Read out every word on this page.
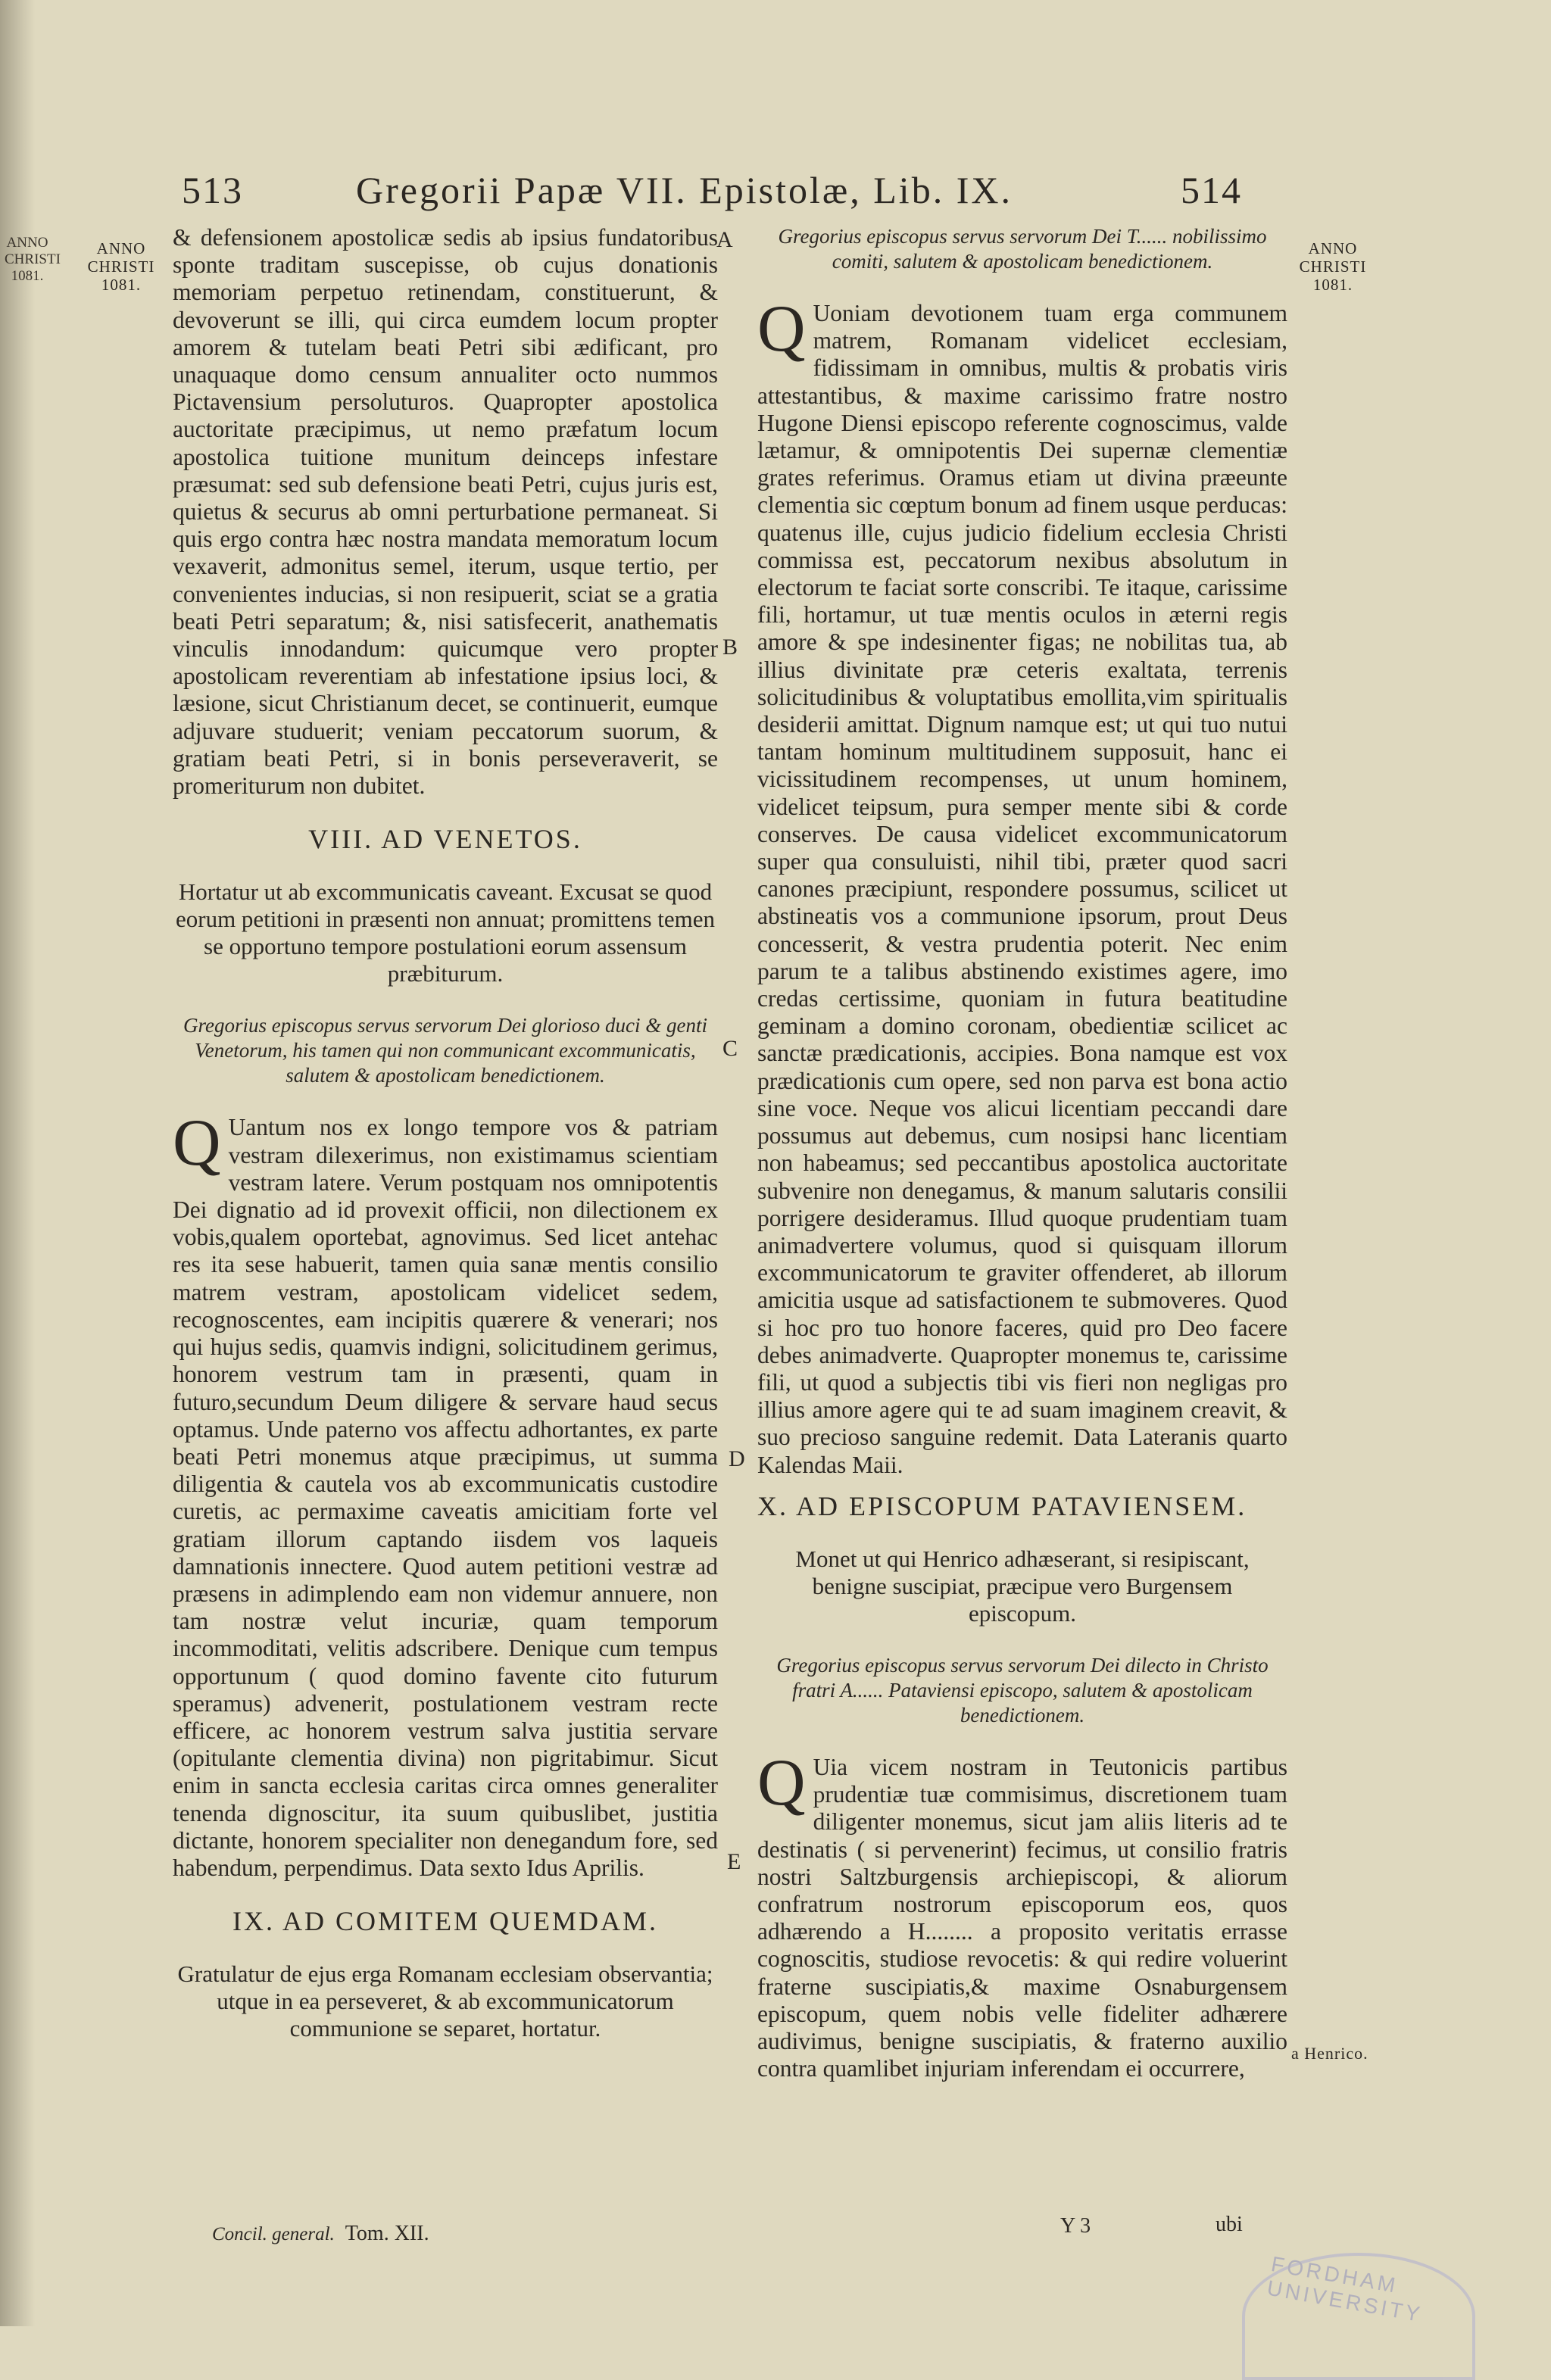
ANNO CHRISTI 1081.
513	Gregorii Papæ VII. Epistolæ, Lib. IX.	514
ANNO
CHRISTI
1081.
ANNO
CHRISTI
1081.
A
B
C
D
E
a Henrico.

& defensionem apostolicæ sedis ab ipsius fundatoribus sponte traditam suscepisse, ob cujus donationis memoriam perpetuo retinendam, constituerunt, & devoverunt se illi, qui circa eumdem locum propter amorem & tutelam beati Petri sibi ædificant, pro unaquaque domo censum annualiter octo nummos Pictavensium persoluturos. Quapropter apostolica auctoritate præcipimus, ut nemo præfatum locum apostolica tuitione munitum deinceps infestare præsumat: sed sub defensione beati Petri, cujus juris est, quietus & securus ab omni perturbatione permaneat. Si quis ergo contra hæc nostra mandata memoratum locum vexaverit, admonitus semel, iterum, usque tertio, per convenientes inducias, si non resipuerit, sciat se a gratia beati Petri separatum; &, nisi satisfecerit, anathematis vinculis innodandum: quicumque vero propter apostolicam reverentiam ab infestatione ipsius loci, & læsione, sicut Christianum decet, se continuerit, eumque adjuvare studuerit; veniam peccatorum suorum, & gratiam beati Petri, si in bonis perseveraverit, se promeriturum non dubitet.

VIII. AD VENETOS.

Hortatur ut ab excommunicatis caveant. Excusat se quod eorum petitioni in præsenti non annuat; promittens temen se opportuno tempore postulationi eorum assensum præbiturum.

Gregorius episcopus servus servorum Dei glorioso duci & genti Venetorum, his tamen qui non communicant excommunicatis, salutem & apostolicam benedictionem.

Q Uantum nos ex longo tempore vos & patriam vestram dilexerimus, non existimamus scientiam vestram latere. Verum postquam nos omnipotentis Dei dignatio ad id provexit officii, non dilectionem ex vobis,qualem oportebat, agnovimus. Sed licet antehac res ita sese habuerit, tamen quia sanæ mentis consilio matrem vestram, apostolicam videlicet sedem, recognoscentes, eam incipitis quærere & venerari; nos qui hujus sedis, quamvis indigni, solicitudinem gerimus, honorem vestrum tam in præsenti, quam in futuro,secundum Deum diligere & servare haud secus optamus. Unde paterno vos affectu adhortantes, ex parte beati Petri monemus atque præcipimus, ut summa diligentia & cautela vos ab excommunicatis custodire curetis, ac permaxime caveatis amicitiam forte vel gratiam illorum captando iisdem vos laqueis damnationis innectere. Quod autem petitioni vestræ ad præsens in adimplendo eam non videmur annuere, non tam nostræ velut incuriæ, quam temporum incommoditati, velitis adscribere. Denique cum tempus opportunum ( quod domino favente cito futurum speramus) advenerit, postulationem vestram recte efficere, ac honorem vestrum salva justitia servare (opitulante clementia divina) non pigritabimur. Sicut enim in sancta ecclesia caritas circa omnes generaliter tenenda dignoscitur, ita suum quibuslibet, justitia dictante, honorem specialiter non denegandum fore, sed habendum, perpendimus. Data sexto Idus Aprilis.

IX. AD COMITEM QUEMDAM.

Gratulatur de ejus erga Romanam ecclesiam observantia; utque in ea perseveret, & ab excommunicatorum communione se separet, hortatur.

Gregorius episcopus servus servorum Dei T...... nobilissimo comiti, salutem & apostolicam benedictionem.

Q Uoniam devotionem tuam erga communem matrem, Romanam videlicet ecclesiam, fidissimam in omnibus, multis & probatis viris attestantibus, & maxime carissimo fratre nostro Hugone Diensi episcopo referente cognoscimus, valde lætamur, & omnipotentis Dei supernæ clementiæ grates referimus. Oramus etiam ut divina præeunte clementia sic cœptum bonum ad finem usque perducas: quatenus ille, cujus judicio fidelium ecclesia Christi commissa est, peccatorum nexibus absolutum in electorum te faciat sorte conscribi. Te itaque, carissime fili, hortamur, ut tuæ mentis oculos in æterni regis amore & spe indesinenter figas; ne nobilitas tua, ab illius divinitate præ ceteris exaltata, terrenis solicitudinibus & voluptatibus emollita,vim spiritualis desiderii amittat. Dignum namque est; ut qui tuo nutui tantam hominum multitudinem supposuit, hanc ei vicissitudinem recompenses, ut unum hominem, videlicet teipsum, pura semper mente sibi & corde conserves. De causa videlicet excommunicatorum super qua consuluisti, nihil tibi, præter quod sacri canones præcipiunt, respondere possumus, scilicet ut abstineatis vos a communione ipsorum, prout Deus concesserit, & vestra prudentia poterit. Nec enim parum te a talibus abstinendo existimes agere, imo credas certissime, quoniam in futura beatitudine geminam a domino coronam, obedientiæ scilicet ac sanctæ prædicationis, accipies. Bona namque est vox prædicationis cum opere, sed non parva est bona actio sine voce. Neque vos alicui licentiam peccandi dare possumus aut debemus, cum nosipsi hanc licentiam non habeamus; sed peccantibus apostolica auctoritate subvenire non denegamus, & manum salutaris consilii porrigere desideramus. Illud quoque prudentiam tuam animadvertere volumus, quod si quisquam illorum excommunicatorum te graviter offenderet, ab illorum amicitia usque ad satisfactionem te submoveres. Quod si hoc pro tuo honore faceres, quid pro Deo facere debes animadverte. Quapropter monemus te, carissime fili, ut quod a subjectis tibi vis fieri non negligas pro illius amore agere qui te ad suam imaginem creavit, & suo precioso sanguine redemit. Data Lateranis quarto Kalendas Maii.

X. AD EPISCOPUM PATAVIENSEM.

Monet ut qui Henrico adhæserant, si resipiscant, benigne suscipiat, præcipue vero Burgensem episcopum.

Gregorius episcopus servus servorum Dei dilecto in Christo fratri A...... Pataviensi episcopo, salutem & apostolicam benedictionem.

Q Uia vicem nostram in Teutonicis partibus prudentiæ tuæ commisimus, discretionem tuam diligenter monemus, sicut jam aliis literis ad te destinatis ( si pervenerint) fecimus, ut consilio fratris nostri Saltzburgensis archiepiscopi, & aliorum confratrum nostrorum episcoporum eos, quos adhærendo a H........ a proposito veritatis errasse cognoscitis, studiose revocetis: & qui redire voluerint fraterne suscipiatis,& maxime Osnaburgensem episcopum, quem nobis velle fideliter adhærere audivimus, benigne suscipiatis, & fraterno auxilio contra quamlibet injuriam inferendam ei occurrere,

Concil. general. Tom. XII.	Y 3	ubi
FORDHAM UNIVERSITY
